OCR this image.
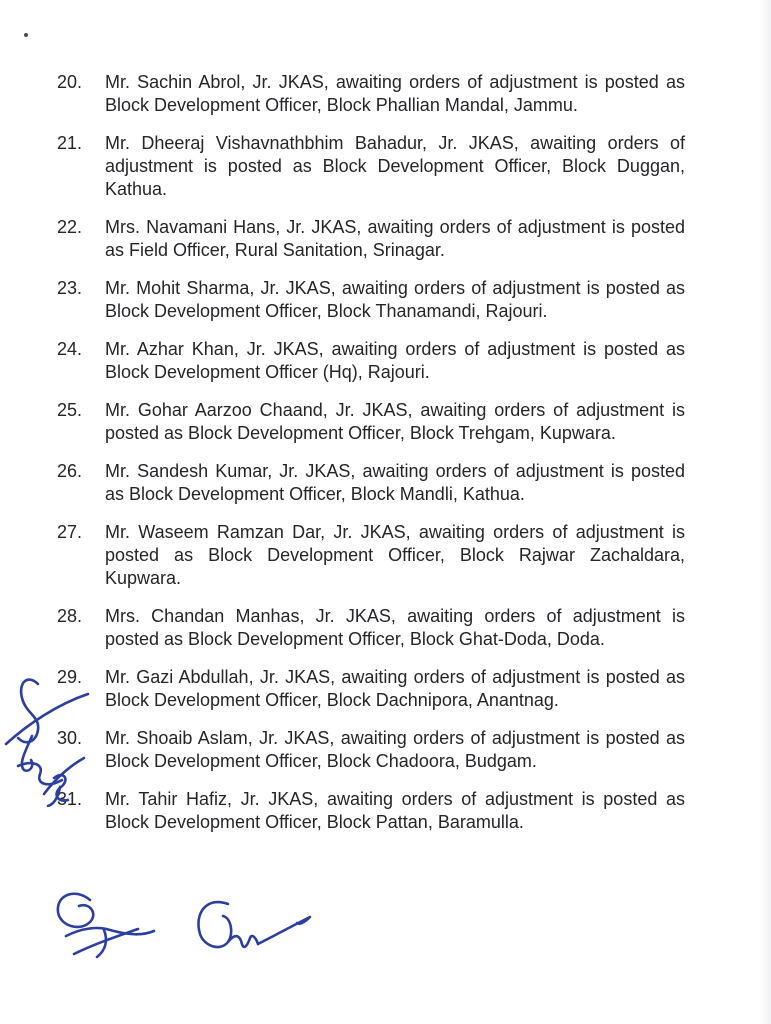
20.	Mr. Sachin Abrol, Jr. JKAS, awaiting orders of adjustment is posted as Block Development Officer, Block Phallian Mandal, Jammu.

21.	Mr. Dheeraj Vishavnathbhim Bahadur, Jr. JKAS, awaiting orders of adjustment is posted as Block Development Officer, Block Duggan, Kathua.

22.	Mrs. Navamani Hans, Jr. JKAS, awaiting orders of adjustment is posted as Field Officer, Rural Sanitation, Srinagar.

23.	Mr. Mohit Sharma, Jr. JKAS, awaiting orders of adjustment is posted as Block Development Officer, Block Thanamandi, Rajouri.

24.	Mr. Azhar Khan, Jr. JKAS, awaiting orders of adjustment is posted as Block Development Officer (Hq), Rajouri.

25.	Mr. Gohar Aarzoo Chaand, Jr. JKAS, awaiting orders of adjustment is posted as Block Development Officer, Block Trehgam, Kupwara.

26.	Mr. Sandesh Kumar, Jr. JKAS, awaiting orders of adjustment is posted as Block Development Officer, Block Mandli, Kathua.

27.	Mr. Waseem Ramzan Dar, Jr. JKAS, awaiting orders of adjustment is posted as Block Development Officer, Block Rajwar Zachaldara, Kupwara.

28.	Mrs. Chandan Manhas, Jr. JKAS, awaiting orders of adjustment is posted as Block Development Officer, Block Ghat-Doda, Doda.

29.	Mr. Gazi Abdullah, Jr. JKAS, awaiting orders of adjustment is posted as Block Development Officer, Block Dachnipora, Anantnag.

30.	Mr. Shoaib Aslam, Jr. JKAS, awaiting orders of adjustment is posted as Block Development Officer, Block Chadoora, Budgam.

31.	Mr. Tahir Hafiz, Jr. JKAS, awaiting orders of adjustment is posted as Block Development Officer, Block Pattan, Baramulla.
